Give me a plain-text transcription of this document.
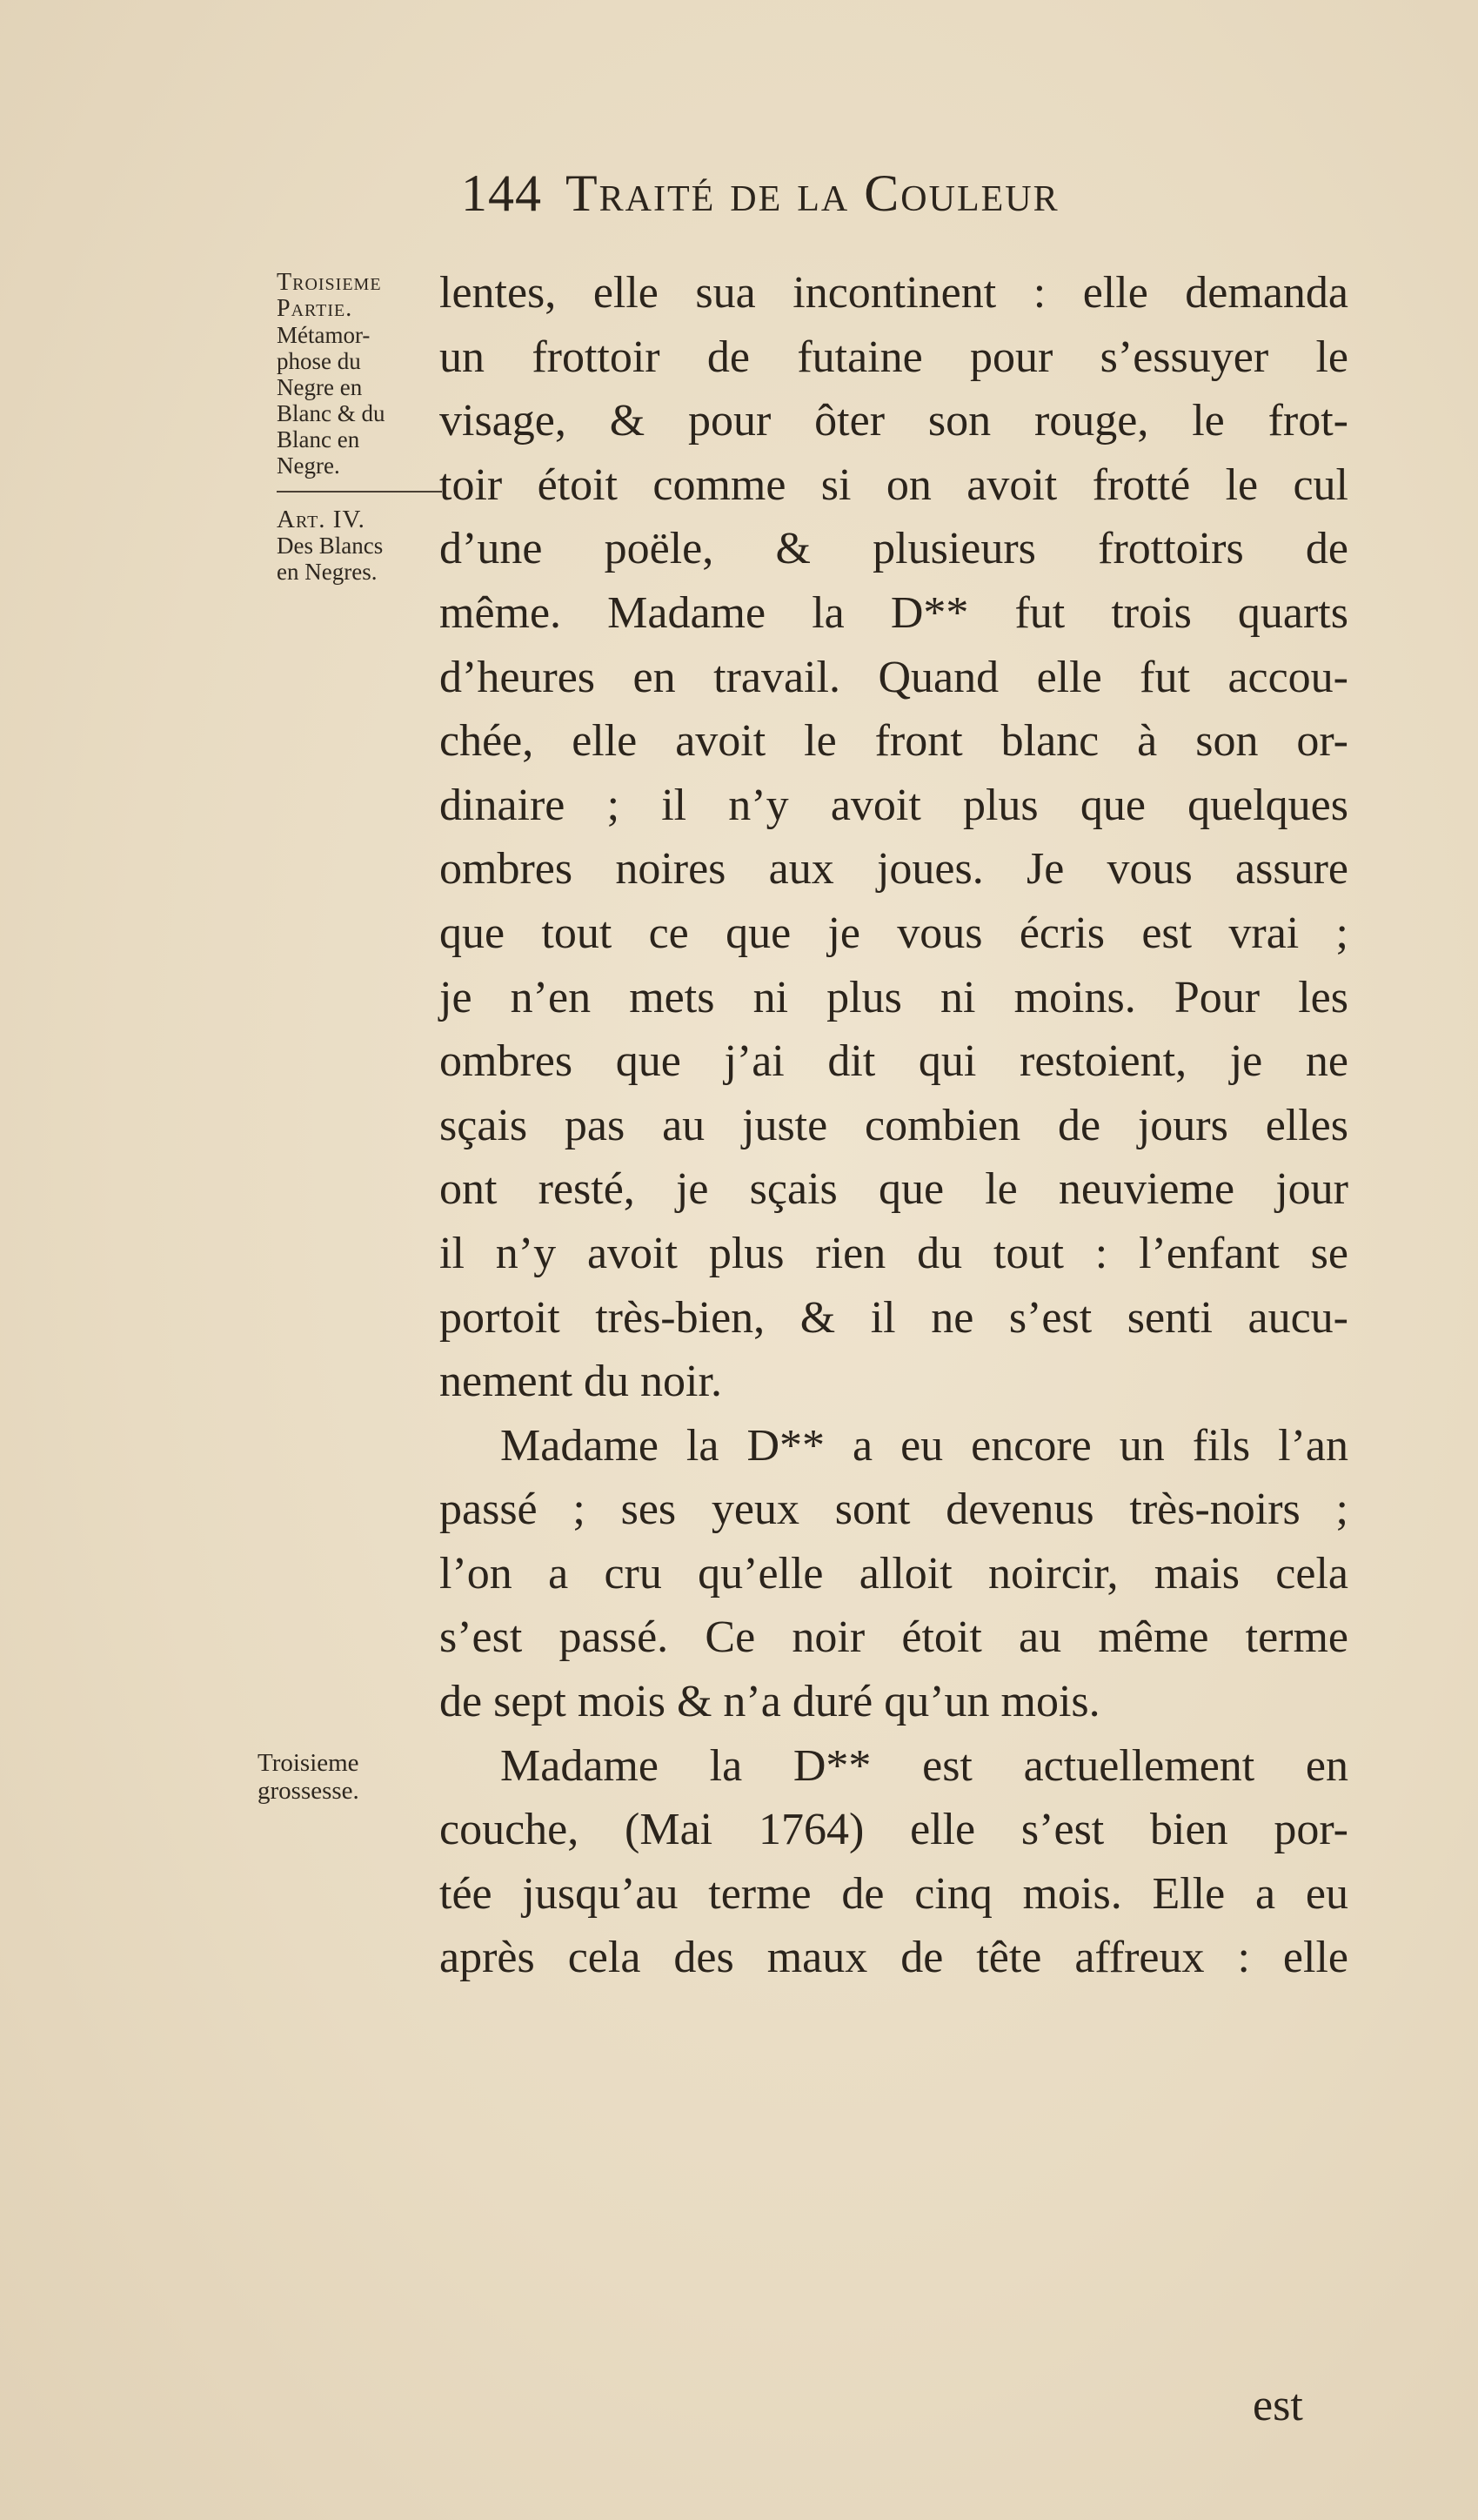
144 Traité de la Couleur

Troisieme Partie.

Métamor-
phose du
Negre en
Blanc & du
Blanc en
Negre.

Art. IV.

Des Blancs
en Negres.

Troisieme
grossesse.
lentes, elle sua incontinent : elle demanda
un frottoir de futaine pour s’essuyer le
visage, & pour ôter son rouge, le frot-
toir étoit comme si on avoit frotté le cul
d’une poële, & plusieurs frottoirs de
même. Madame la D** fut trois quarts
d’heures en travail. Quand elle fut accou-
chée, elle avoit le front blanc à son or-
dinaire ; il n’y avoit plus que quelques
ombres noires aux joues. Je vous assure
que tout ce que je vous écris est vrai ;
je n’en mets ni plus ni moins. Pour les
ombres que j’ai dit qui restoient, je ne
sçais pas au juste combien de jours elles
ont resté, je sçais que le neuvieme jour
il n’y avoit plus rien du tout : l’enfant se
portoit très-bien, & il ne s’est senti aucu-
nement du noir.
Madame la D** a eu encore un fils l’an
passé ; ses yeux sont devenus très-noirs ;
l’on a cru qu’elle alloit noircir, mais cela
s’est passé. Ce noir étoit au même terme
de sept mois & n’a duré qu’un mois.
Madame la D** est actuellement en
couche, (Mai 1764) elle s’est bien por-
tée jusqu’au terme de cinq mois. Elle a eu
après cela des maux de tête affreux : elle
est
